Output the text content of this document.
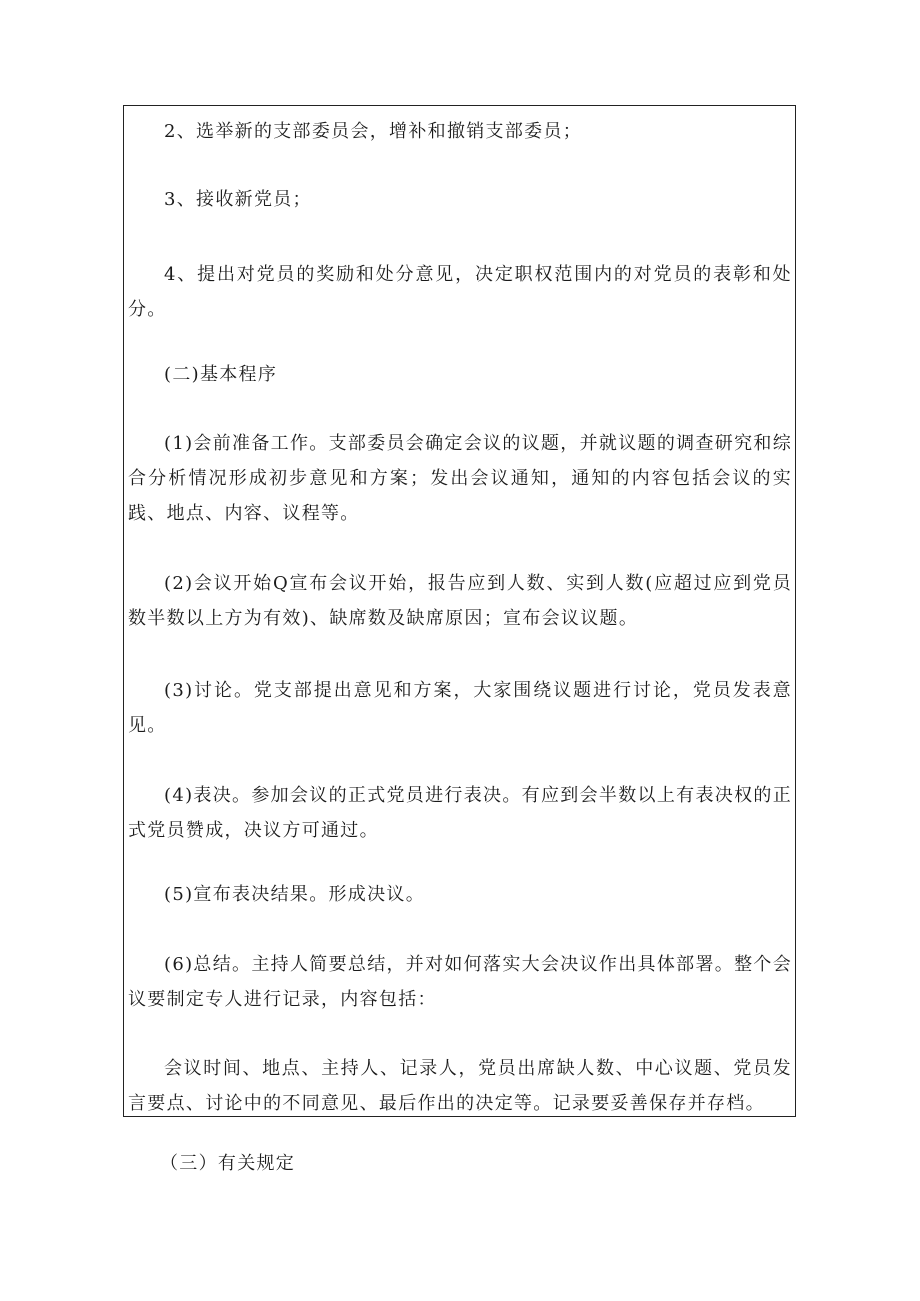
2、选举新的支部委员会，增补和撤销支部委员；

3、接收新党员；

4、提出对党员的奖励和处分意见，决定职权范围内的对党员的表彰和处分。

(二)基本程序

(1)会前准备工作。支部委员会确定会议的议题，并就议题的调查研究和综合分析情况形成初步意见和方案；发出会议通知，通知的内容包括会议的实践、地点、内容、议程等。

(2)会议开始Q宣布会议开始，报告应到人数、实到人数(应超过应到党员数半数以上方为有效)、缺席数及缺席原因；宣布会议议题。

(3)讨论。党支部提出意见和方案，大家围绕议题进行讨论，党员发表意见。

(4)表决。参加会议的正式党员进行表决。有应到会半数以上有表决权的正式党员赞成，决议方可通过。

(5)宣布表决结果。形成决议。

(6)总结。主持人简要总结，并对如何落实大会决议作出具体部署。整个会议要制定专人进行记录，内容包括：

会议时间、地点、主持人、记录人，党员出席缺人数、中心议题、党员发言要点、讨论中的不同意见、最后作出的决定等。记录要妥善保存并存档。

（三）有关规定
